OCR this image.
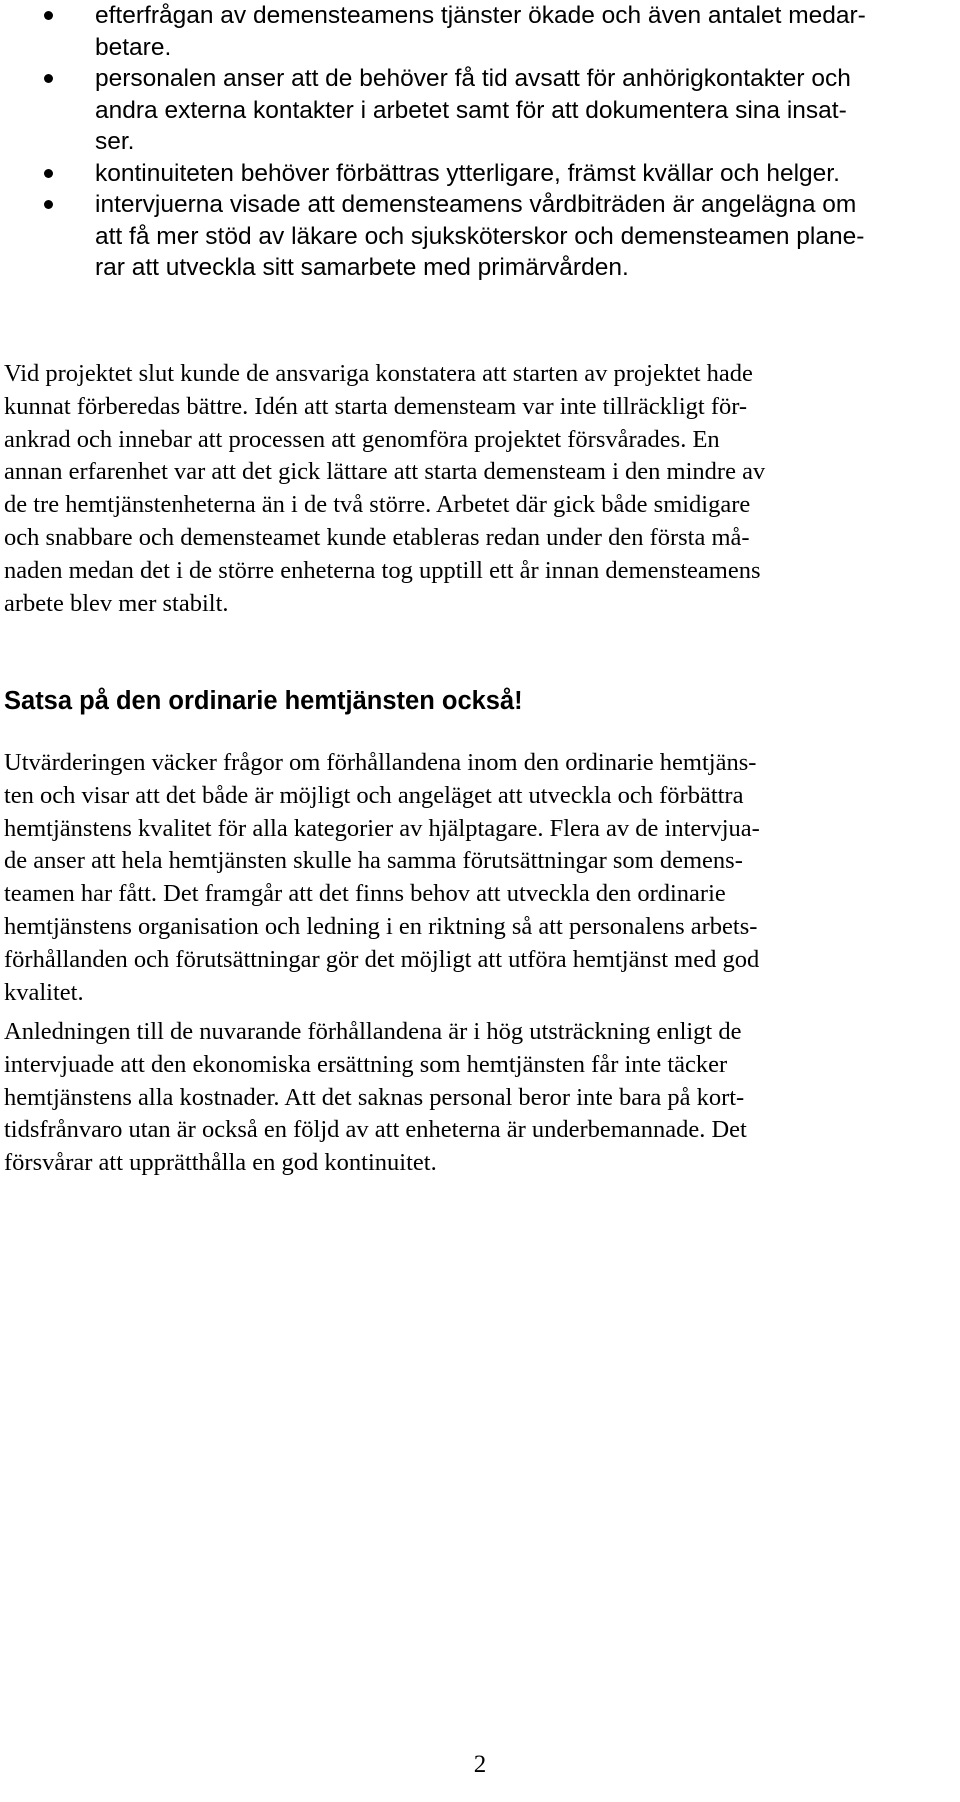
efterfrågan av demensteamens tjänster ökade och även antalet medar-
betare.
personalen anser att de behöver få tid avsatt för anhörigkontakter och
andra externa kontakter i arbetet samt för att dokumentera sina insat-
ser.
kontinuiteten behöver förbättras ytterligare, främst kvällar och helger.
intervjuerna visade att demensteamens vårdbiträden är angelägna om
att få mer stöd av läkare och sjuksköterskor och demensteamen plane-
rar att utveckla sitt samarbete med primärvården.

Vid projektet slut kunde de ansvariga konstatera att starten av projektet hade
kunnat förberedas bättre. Idén att starta demensteam var inte tillräckligt för-
ankrad och innebar att processen att genomföra projektet försvårades. En
annan erfarenhet var att det gick lättare att starta demensteam i den mindre av
de tre hemtjänstenheterna än i de två större. Arbetet där gick både smidigare
och snabbare och demensteamet kunde etableras redan under den första må-
naden medan det i de större enheterna tog upptill ett år innan demensteamens
arbete blev mer stabilt.

Satsa på den ordinarie hemtjänsten också!

Utvärderingen väcker frågor om förhållandena inom den ordinarie hemtjäns-
ten och visar att det både är möjligt och angeläget att utveckla och förbättra
hemtjänstens kvalitet för alla kategorier av hjälptagare. Flera av de intervjua-
de anser att hela hemtjänsten skulle ha samma förutsättningar som demens-
teamen har fått. Det framgår att det finns behov att utveckla den ordinarie
hemtjänstens organisation och ledning i en riktning så att personalens arbets-
förhållanden och förutsättningar gör det möjligt att utföra hemtjänst med god
kvalitet.

Anledningen till de nuvarande förhållandena är i hög utsträckning enligt de
intervjuade att den ekonomiska ersättning som hemtjänsten får inte täcker
hemtjänstens alla kostnader. Att det saknas personal beror inte bara på kort-
tidsfrånvaro utan är också en följd av att enheterna är underbemannade. Det
försvårar att upprätthålla en god kontinuitet.

2
